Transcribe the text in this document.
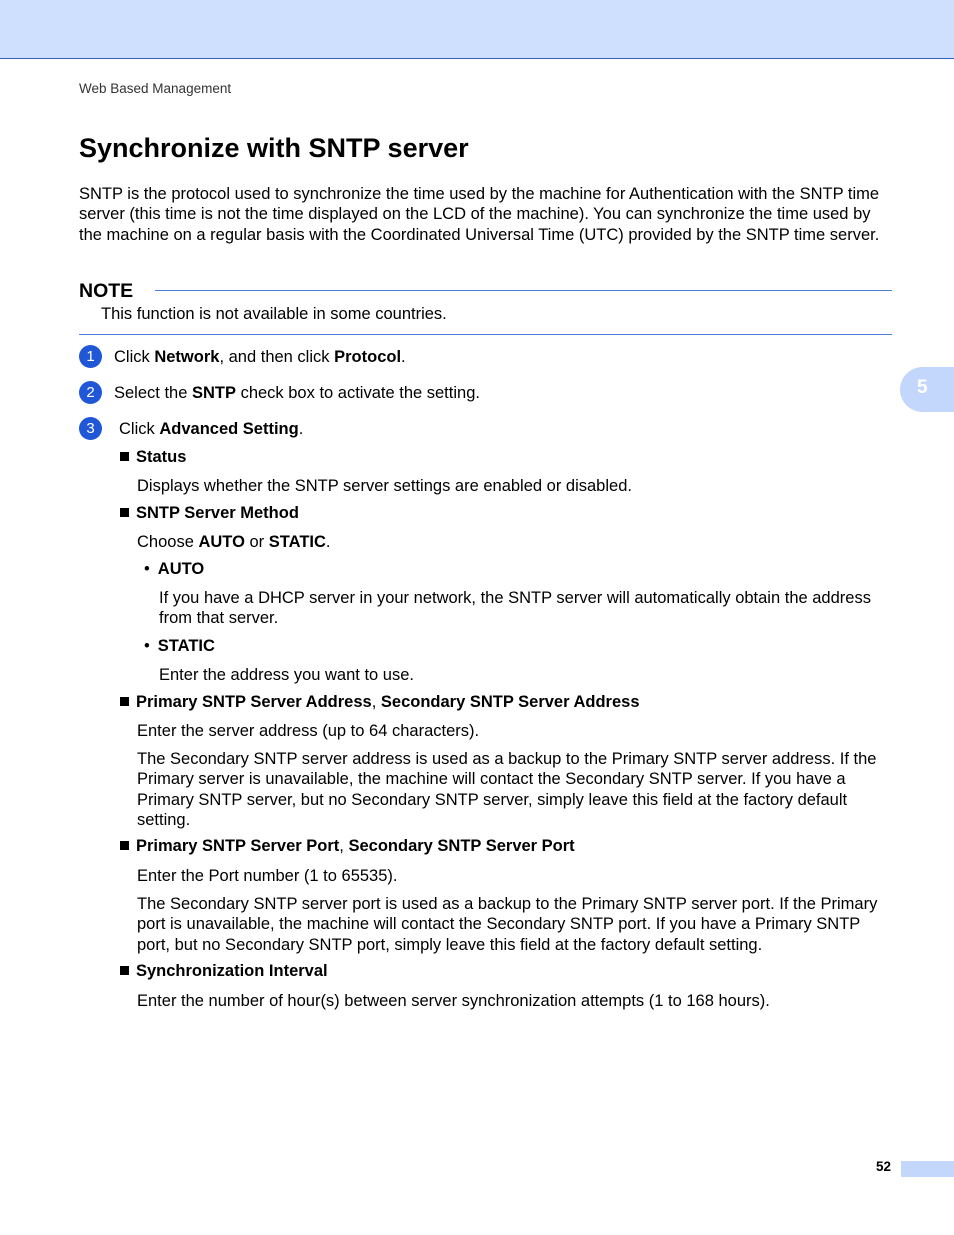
Web Based Management
Synchronize with SNTP server

SNTP is the protocol used to synchronize the time used by the machine for Authentication with the SNTP time server (this time is not the time displayed on the LCD of the machine). You can synchronize the time used by the machine on a regular basis with the Coordinated Universal Time (UTC) provided by the SNTP time server.

NOTE
This function is not available in some countries.
1	Click Network, and then click Protocol.
2	Select the SNTP check box to activate the setting.
3	Click Advanced Setting.
Status

Displays whether the SNTP server settings are enabled or disabled.

SNTP Server Method

Choose AUTO or STATIC.

• AUTO

If you have a DHCP server in your network, the SNTP server will automatically obtain the address from that server.

• STATIC

Enter the address you want to use.

Primary SNTP Server Address, Secondary SNTP Server Address

Enter the server address (up to 64 characters).

The Secondary SNTP server address is used as a backup to the Primary SNTP server address. If the Primary server is unavailable, the machine will contact the Secondary SNTP server. If you have a Primary SNTP server, but no Secondary SNTP server, simply leave this field at the factory default setting.

Primary SNTP Server Port, Secondary SNTP Server Port

Enter the Port number (1 to 65535).

The Secondary SNTP server port is used as a backup to the Primary SNTP server port. If the Primary port is unavailable, the machine will contact the Secondary SNTP port. If you have a Primary SNTP port, but no Secondary SNTP port, simply leave this field at the factory default setting.

Synchronization Interval

Enter the number of hour(s) between server synchronization attempts (1 to 168 hours).

5
52
